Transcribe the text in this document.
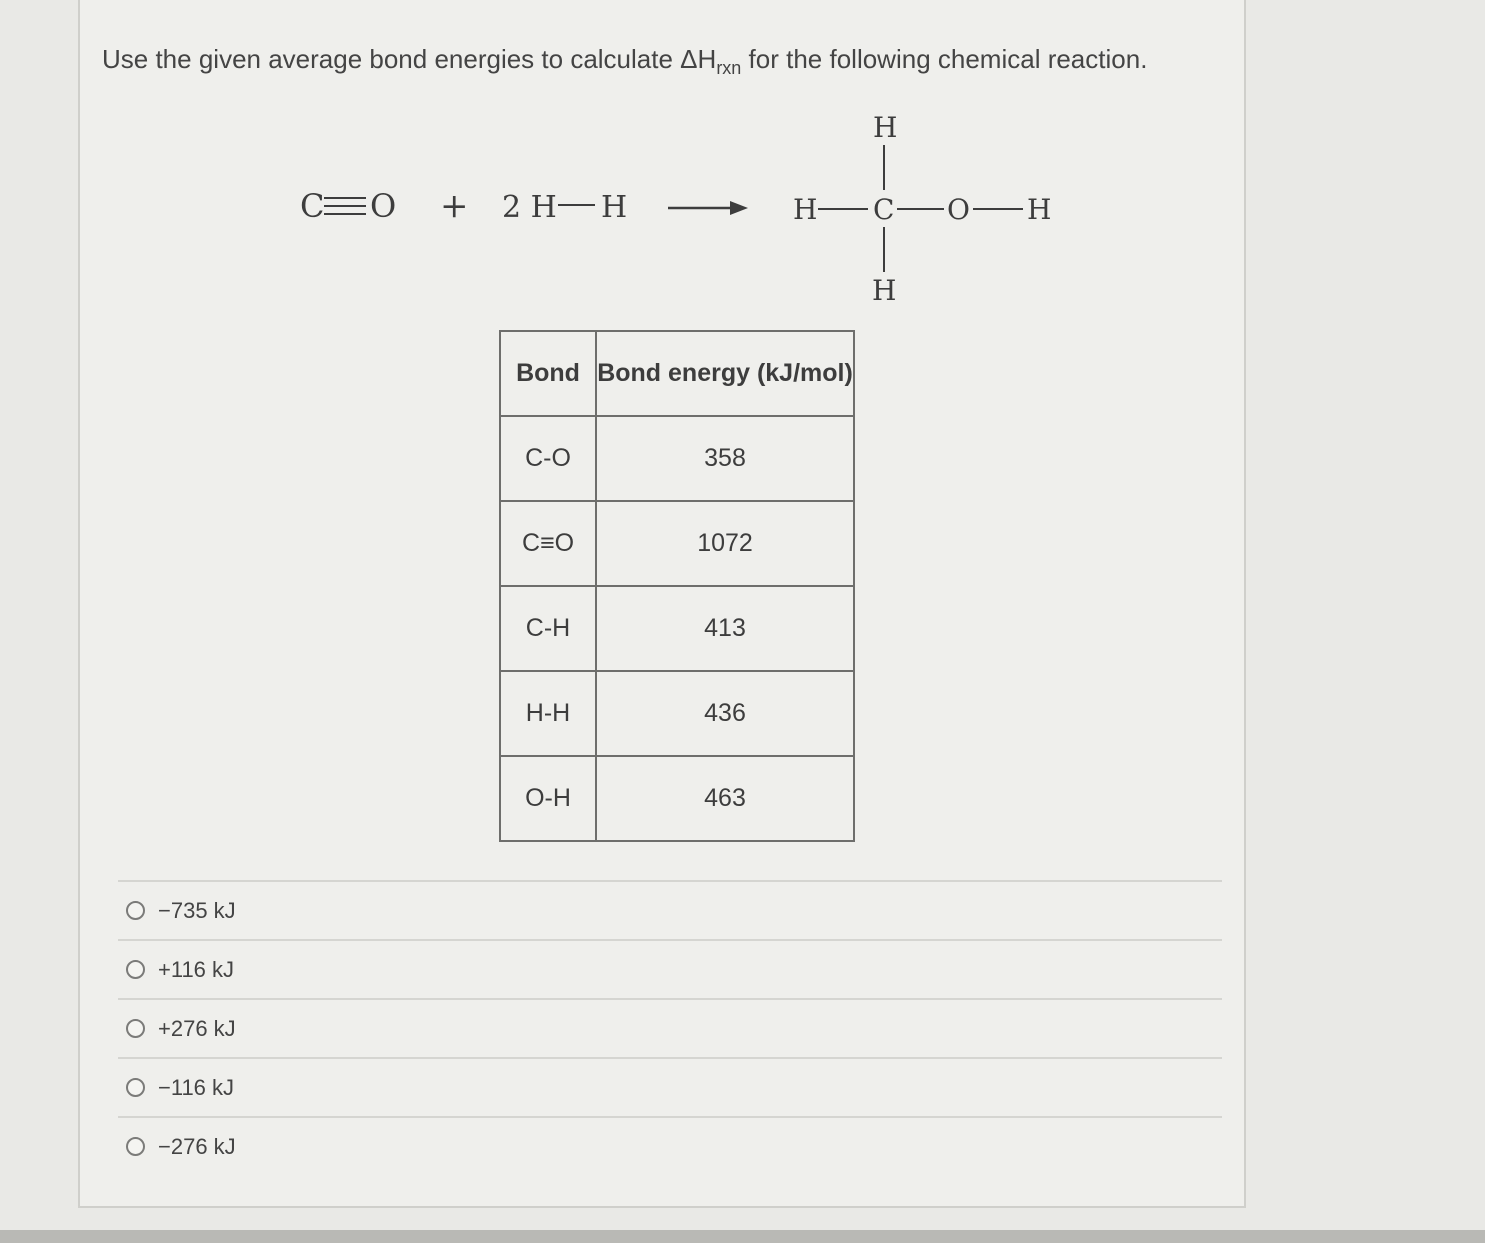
Use the given average bond energies to calculate $\Delta H_{rxn}$ for the following chemical reaction.
C O + 2 H H
H
H C O H
H
Bond	Bond energy (kJ/mol)
C-O	358
C≡O	1072
C-H	413
H-H	436
O-H	463
−735 kJ
+116 kJ
+276 kJ
−116 kJ
−276 kJ
